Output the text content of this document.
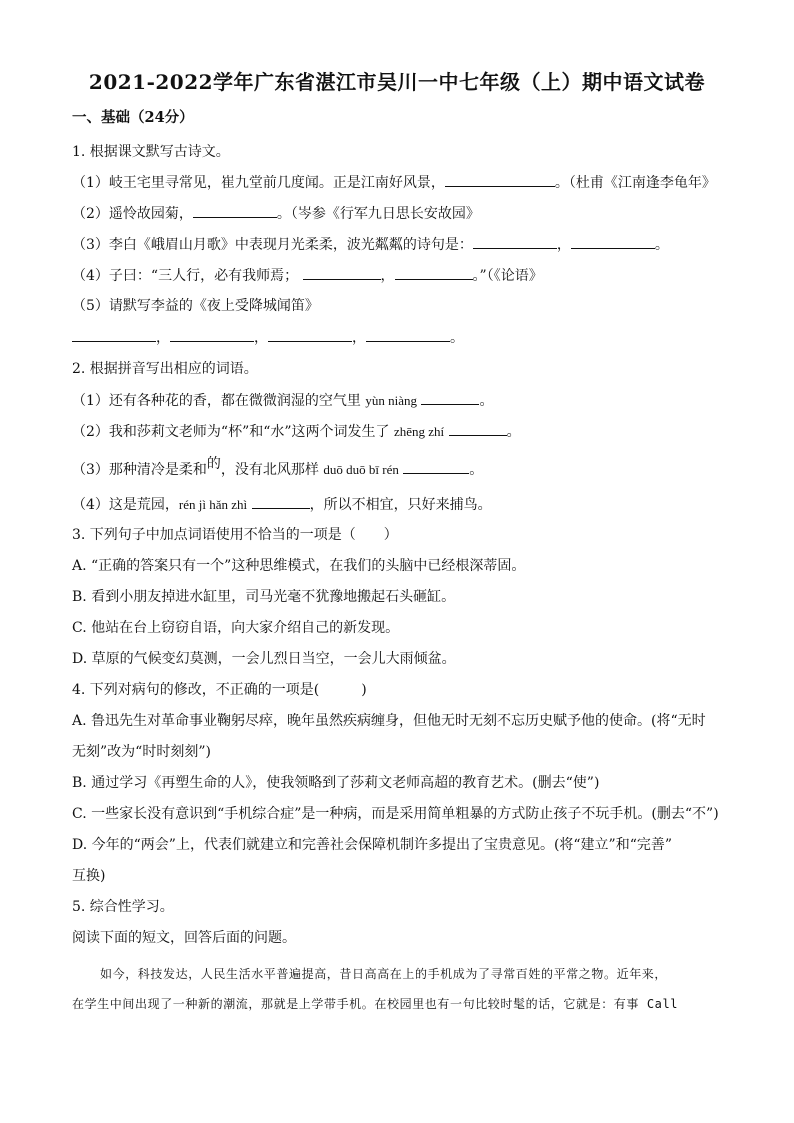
2021-2022学年广东省湛江市吴川一中七年级（上）期中语文试卷
一、基础（24分）
1. 根据课文默写古诗文。
（1）岐王宅里寻常见，崔九堂前几度闻。正是江南好风景，	。（杜甫《江南逢李龟年》
（2）遥怜故园菊，	。（岑参《行军九日思长安故园》
（3）李白《峨眉山月歌》中表现月光柔柔，波光粼粼的诗句是：	，	。
（4）子曰：“三人行，必有我师焉；	，	。”（《论语》
（5）请默写李益的《夜上受降城闻笛》
，	，	，	。
2. 根据拼音写出相应的词语。
（1）还有各种花的香，都在微微润湿的空气里 yùn niàng	。
（2）我和莎莉文老师为“杯”和“水”这两个词发生了 zhēng zhí	。
（3）那种清冷是柔和的，没有北风那样 duō duō bī rén	。
（4）这是荒园，rén jì hǎn zhì	，所以不相宜，只好来捕鸟。
3. 下列句子中加点词语使用不恰当的一项是（　　）
A. “正确的答案只有一个”这种思维模式，在我们的头脑中已经根深蒂固。
B. 看到小朋友掉进水缸里，司马光毫不犹豫地搬起石头砸缸。
C. 他站在台上窃窃自语，向大家介绍自己的新发现。
D. 草原的气候变幻莫测，一会儿烈日当空，一会儿大雨倾盆。
4. 下列对病句的修改，不正确的一项是(　　　)
A. 鲁迅先生对革命事业鞠躬尽瘁，晚年虽然疾病缠身，但他无时无刻不忘历史赋予他的使命。(将“无时
无刻”改为“时时刻刻”)
B. 通过学习《再塑生命的人》，使我领略到了莎莉文老师高超的教育艺术。(删去“使”)
C. 一些家长没有意识到“手机综合症”是一种病，而是采用简单粗暴的方式防止孩子不玩手机。(删去“不”)
D. 今年的“两会”上，代表们就建立和完善社会保障机制许多提出了宝贵意见。(将“建立”和“完善”
互换)
5. 综合性学习。
阅读下面的短文，回答后面的问题。
如今，科技发达，人民生活水平普遍提高，昔日高高在上的手机成为了寻常百姓的平常之物。近年来，
在学生中间出现了一种新的潮流，那就是上学带手机。在校园里也有一句比较时髦的话，它就是：有事 Call
